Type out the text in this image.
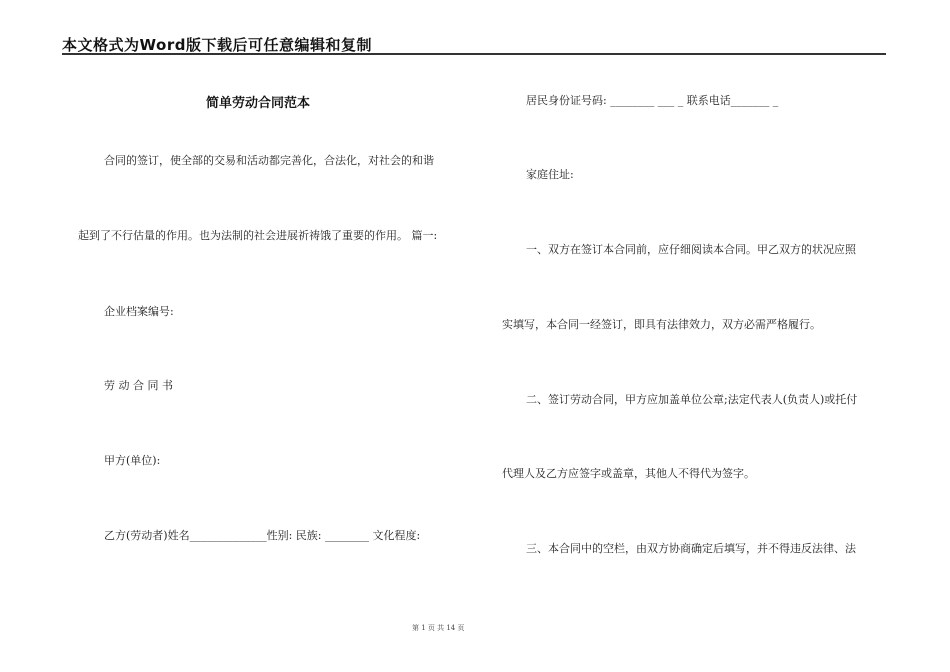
本文格式为Word版下载后可任意编辑和复制
简单劳动合同范本
合同的签订，使全部的交易和活动都完善化，合法化，对社会的和谐
起到了不行估量的作用。也为法制的社会进展祈祷饿了重要的作用。 篇一:
企业档案编号:
劳 动 合 同 书
甲方(单位):
乙方(劳动者)姓名______________性别: 民族: ________ 文化程度:
居民身份证号码: ________ ___ _ 联系电话_______ _
家庭住址:
一、双方在签订本合同前，应仔细阅读本合同。甲乙双方的状况应照
实填写，本合同一经签订，即具有法律效力，双方必需严格履行。
二、签订劳动合同，甲方应加盖单位公章;法定代表人(负责人)或托付
代理人及乙方应签字或盖章，其他人不得代为签字。
三、本合同中的空栏，由双方协商确定后填写，并不得违反法律、法
第 1 页 共 14 页
